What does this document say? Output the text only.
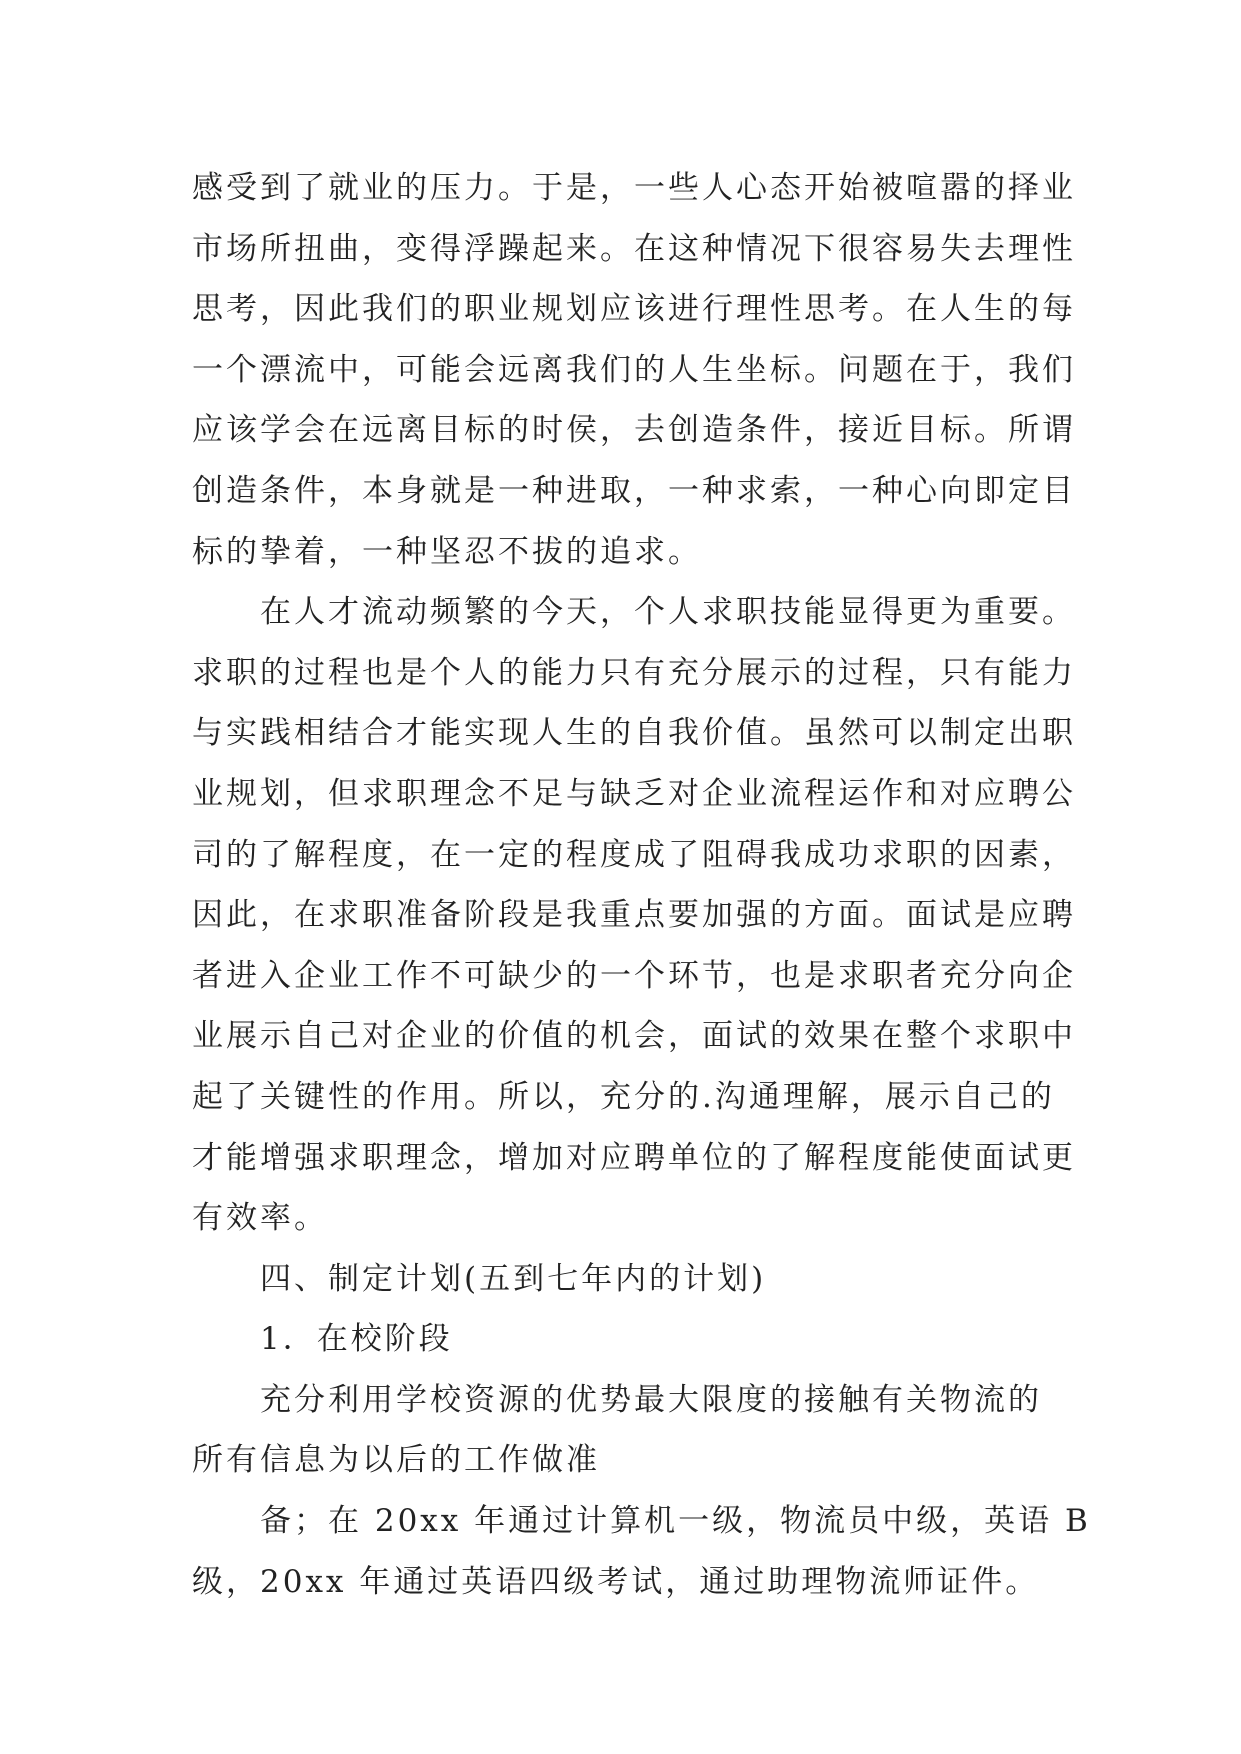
感受到了就业的压力。于是，一些人心态开始被喧嚣的择业
市场所扭曲，变得浮躁起来。在这种情况下很容易失去理性
思考，因此我们的职业规划应该进行理性思考。在人生的每
一个漂流中，可能会远离我们的人生坐标。问题在于，我们
应该学会在远离目标的时侯，去创造条件，接近目标。所谓
创造条件，本身就是一种进取，一种求索，一种心向即定目
标的挚着，一种坚忍不拔的追求。
在人才流动频繁的今天，个人求职技能显得更为重要。
求职的过程也是个人的能力只有充分展示的过程，只有能力
与实践相结合才能实现人生的自我价值。虽然可以制定出职
业规划，但求职理念不足与缺乏对企业流程运作和对应聘公
司的了解程度，在一定的程度成了阻碍我成功求职的因素，
因此，在求职准备阶段是我重点要加强的方面。面试是应聘
者进入企业工作不可缺少的一个环节，也是求职者充分向企
业展示自己对企业的价值的机会，面试的效果在整个求职中
起了关键性的作用。所以，充分的.沟通理解，展示自己的
才能增强求职理念，增加对应聘单位的了解程度能使面试更
有效率。
四、制定计划(五到七年内的计划)
1．在校阶段
充分利用学校资源的优势最大限度的接触有关物流的
所有信息为以后的工作做准
备；在 20xx 年通过计算机一级，物流员中级，英语 B
级，20xx 年通过英语四级考试，通过助理物流师证件。
